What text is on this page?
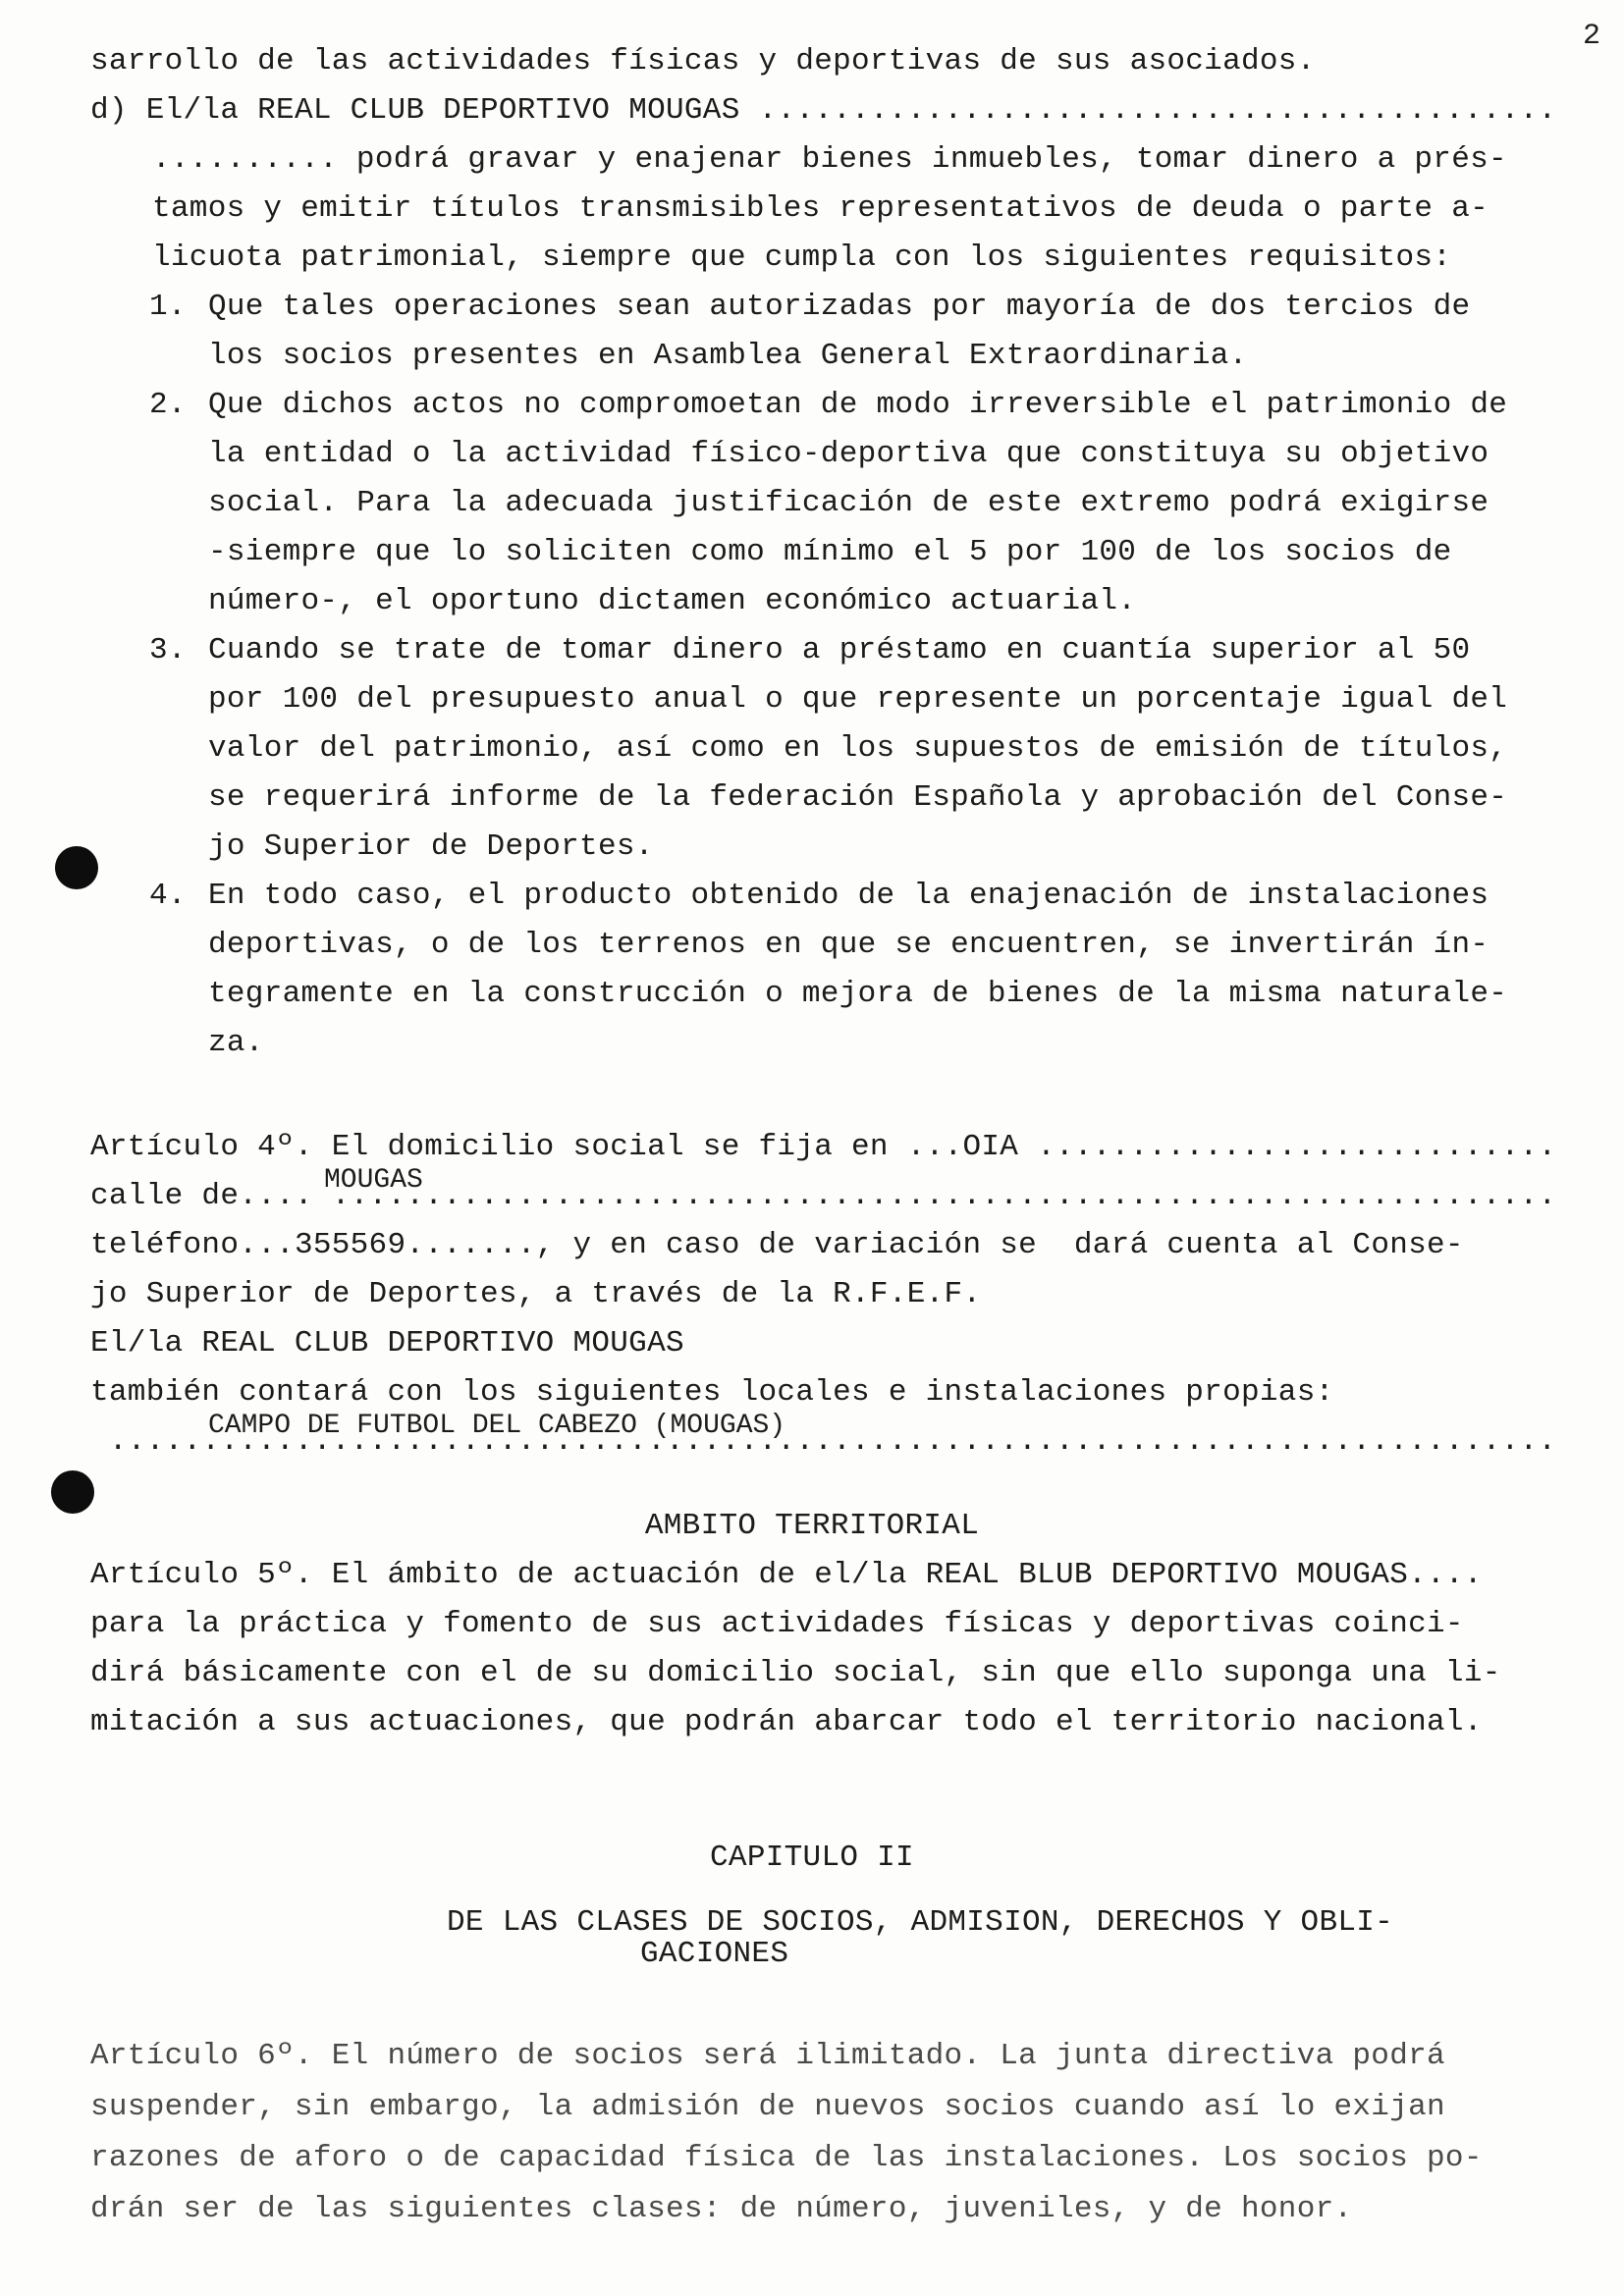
2
sarrollo de las actividades físicas y deportivas de sus asociados.
d) El/la REAL CLUB DEPORTIVO MOUGAS .....
.......... podrá gravar y enajenar bienes inmuebles, tomar dinero a prés-
tamos y emitir títulos transmisibles representativos de deuda o parte a-
licuota patrimonial, siempre que cumpla con los siguientes requisitos:
1. Que tales operaciones sean autorizadas por mayoría de dos tercios de
los socios presentes en Asamblea General Extraordinaria.
2. Que dichos actos no compromoetan de modo irreversible el patrimonio de
la entidad o la actividad físico-deportiva que constituya su objetivo
social. Para la adecuada justificación de este extremo podrá exigirse
-siempre que lo soliciten como mínimo el 5 por 100 de los socios de
número-, el oportuno dictamen económico actuarial.
3. Cuando se trate de tomar dinero a préstamo en cuantía superior al 50
por 100 del presupuesto anual o que represente un porcentaje igual del
valor del patrimonio, así como en los supuestos de emisión de títulos,
se requerirá informe de la federación Española y aprobación del Conse-
jo Superior de Deportes.
4. En todo caso, el producto obtenido de la enajenación de instalaciones
deportivas, o de los terrenos en que se encuentren, se invertirán ín-
tegramente en la construcción o mejora de bienes de la misma naturale-
za.
Artículo 4º. El domicilio social se fija en ...OIA .....
MOUGAS
calle de.... .....
teléfono...355569......., y en caso de variación se  dará cuenta al Conse-
jo Superior de Deportes, a través de la R.F.E.F.
El/la REAL CLUB DEPORTIVO MOUGAS
también contará con los siguientes locales e instalaciones propias:
CAMPO DE FUTBOL DEL CABEZO (MOUGAS)
.....
AMBITO TERRITORIAL
Artículo 5º. El ámbito de actuación de el/la REAL BLUB DEPORTIVO MOUGAS....
para la práctica y fomento de sus actividades físicas y deportivas coinci-
dirá básicamente con el de su domicilio social, sin que ello suponga una li-
mitación a sus actuaciones, que podrán abarcar todo el territorio nacional.
CAPITULO II
DE LAS CLASES DE SOCIOS, ADMISION, DERECHOS Y OBLI-
GACIONES
Artículo 6º. El número de socios será ilimitado. La junta directiva podrá
suspender, sin embargo, la admisión de nuevos socios cuando así lo exijan
razones de aforo o de capacidad física de las instalaciones. Los socios po-
drán ser de las siguientes clases: de número, juveniles, y de honor.
